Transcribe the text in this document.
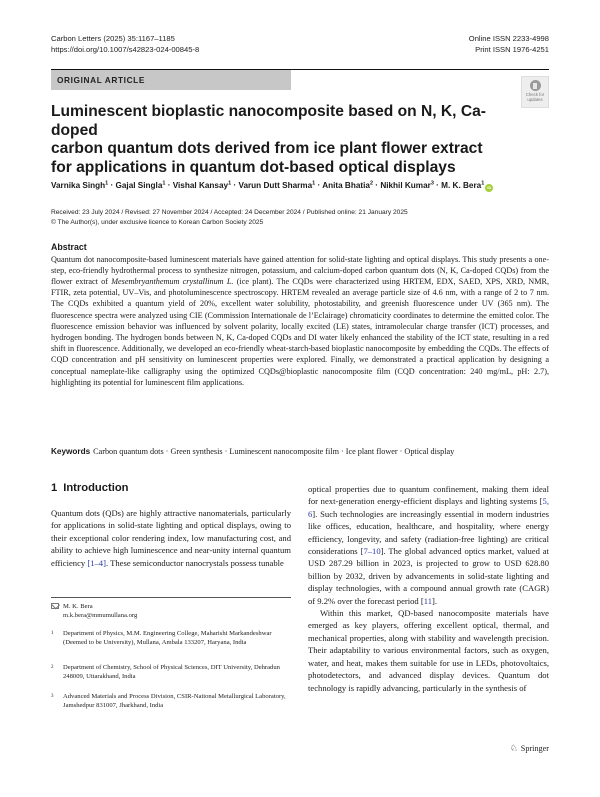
Carbon Letters (2025) 35:1167–1185
https://doi.org/10.1007/s42823-024-00845-8
Online ISSN 2233-4998
Print ISSN 1976-4251
ORIGINAL ARTICLE
Check for
updates
Luminescent bioplastic nanocomposite based on N, K, Ca-doped
carbon quantum dots derived from ice plant flower extract
for applications in quantum dot-based optical displays
Varnika Singh$^1$ · Gajal Singla$^1$ · Vishal Kansay$^1$ · Varun Dutt Sharma$^1$ · Anita Bhatia$^2$ · Nikhil Kumar$^3$ · M. K. Bera$^1$iD
Received: 23 July 2024 / Revised: 27 November 2024 / Accepted: 24 December 2024 / Published online: 21 January 2025
© The Author(s), under exclusive licence to Korean Carbon Society 2025
Abstract
Quantum dot nanocomposite-based luminescent materials have gained attention for solid-state lighting and optical displays. This study presents a one-step, eco-friendly hydrothermal process to synthesize nitrogen, potassium, and calcium-doped carbon quantum dots (N, K, Ca-doped CQDs) from the flower extract of Mesembryanthemum crystallinum L. (ice plant). The CQDs were characterized using HRTEM, EDX, SAED, XPS, XRD, NMR, FTIR, zeta potential, UV–Vis, and photoluminescence spectroscopy. HRTEM revealed an average particle size of 4.6 nm, with a range of 2 to 7 nm. The CQDs exhibited a quantum yield of 20%, excellent water solubility, photostability, and greenish fluorescence under UV (365 nm). The fluorescence spectra were analyzed using CIE (Commission Internationale de l’Eclairage) chromaticity coordinates to determine the emitted color. The fluorescence emission behavior was influenced by solvent polarity, locally excited (LE) states, intramolecular charge transfer (ICT) processes, and hydrogen bonding. The hydrogen bonds between N, K, Ca-doped CQDs and DI water likely enhanced the stability of the ICT state, resulting in a red shift in fluorescence. Additionally, we developed an eco-friendly wheat-starch-based bioplastic nanocomposite by embedding the CQDs. The effects of CQD concentration and pH sensitivity on luminescent properties were explored. Finally, we demonstrated a practical application by designing a conceptual nameplate-like calligraphy using the optimized CQDs@bioplastic nanocomposite film (CQD concentration: 240 mg/mL, pH: 2.7), highlighting its potential for luminescent film applications.
Keywords Carbon quantum dots · Green synthesis · Luminescent nanocomposite film · Ice plant flower · Optical display
1 Introduction

Quantum dots (QDs) are highly attractive nanomaterials, particularly for applications in solid-state lighting and optical displays, owing to their exceptional color rendering index, low manufacturing cost, and ability to achieve high luminescence and near-unity internal quantum efficiency [1–4]. These semiconductor nanocrystals possess tunable

optical properties due to quantum confinement, making them ideal for next-generation energy-efficient displays and lighting systems [5, 6]. Such technologies are increasingly essential in modern industries like offices, education, healthcare, and hospitality, where energy efficiency, longevity, and safety (radiation-free lighting) are critical considerations [7–10]. The global advanced optics market, valued at USD 287.29 billion in 2023, is projected to grow to USD 628.80 billion by 2032, driven by advancements in solid-state lighting and display technologies, with a compound annual growth rate (CAGR) of 9.2% over the forecast period [11].

Within this market, QD-based nanocomposite materials have emerged as key players, offering excellent optical, thermal, and mechanical properties, along with stability and wavelength precision. Their adaptability to various environmental factors, such as oxygen, water, and heat, makes them suitable for use in LEDs, photovoltaics, photodetectors, and advanced display devices. Quantum dot technology is rapidly advancing, particularly in the synthesis of

M. K. Bera
m.k.bera@mmumullana.org
1 Department of Physics, M.M. Engineering College, Maharishi Markandeshwar (Deemed to be University), Mullana, Ambala 133207, Haryana, India
2 Department of Chemistry, School of Physical Sciences, DIT University, Dehradun 248009, Uttarakhand, India
3 Advanced Materials and Process Division, CSIR-National Metallurgical Laboratory, Jamshedpur 831007, Jharkhand, India
♘ Springer
